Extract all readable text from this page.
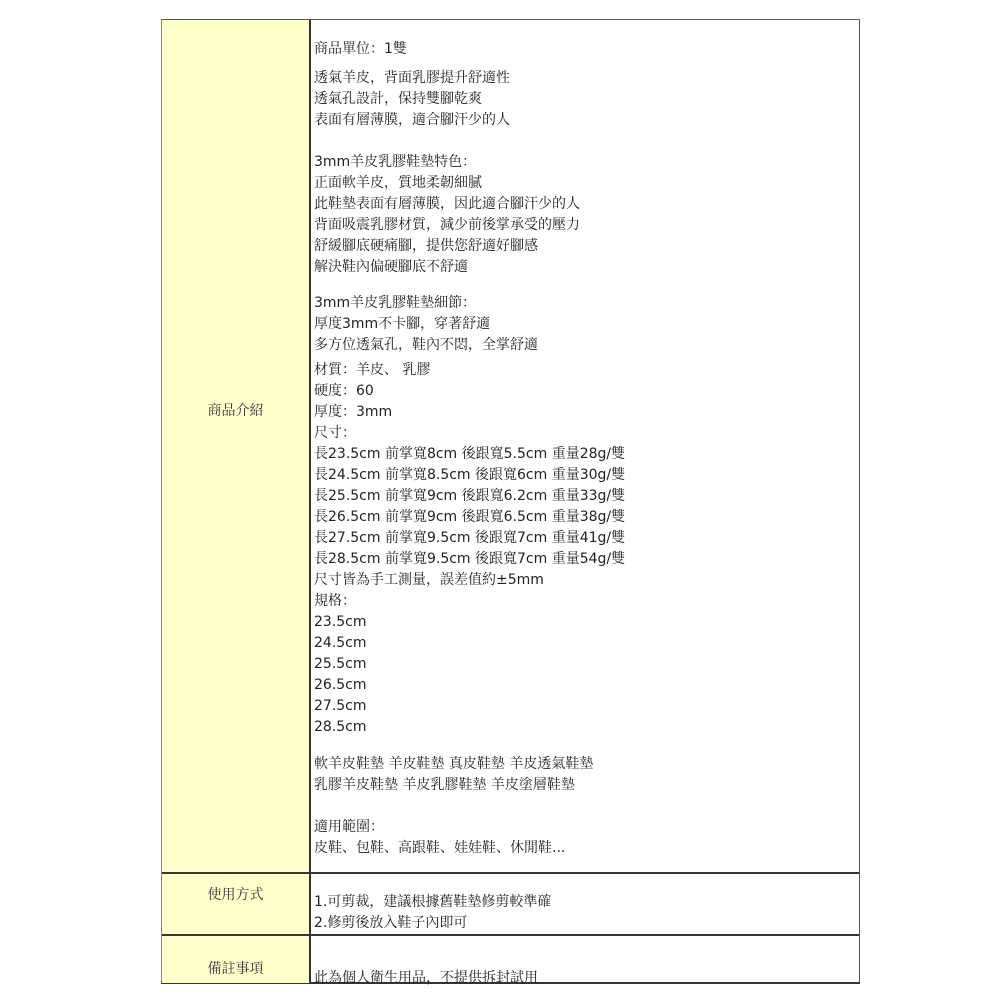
商品介紹
商品單位：1雙
透氣羊皮，背面乳膠提升舒適性
透氣孔設計，保持雙腳乾爽
表面有層薄膜，適合腳汗少的人
3mm羊皮乳膠鞋墊特色：
正面軟羊皮，質地柔韌細膩
此鞋墊表面有層薄膜，因此適合腳汗少的人
背面吸震乳膠材質，減少前後掌承受的壓力
舒緩腳底硬痛腳，提供您舒適好腳感
解決鞋內偏硬腳底不舒適
3mm羊皮乳膠鞋墊細節：
厚度3mm不卡腳，穿著舒適
多方位透氣孔，鞋內不悶，全掌舒適
材質：羊皮、 乳膠
硬度：60
厚度：3mm
尺寸：
長23.5cm 前掌寬8cm 後跟寬5.5cm 重量28g/雙
長24.5cm 前掌寬8.5cm 後跟寬6cm 重量30g/雙
長25.5cm 前掌寬9cm 後跟寬6.2cm 重量33g/雙
長26.5cm 前掌寬9cm 後跟寬6.5cm 重量38g/雙
長27.5cm 前掌寬9.5cm 後跟寬7cm 重量41g/雙
長28.5cm 前掌寬9.5cm 後跟寬7cm 重量54g/雙
尺寸皆為手工測量，誤差值約±5mm
規格：
23.5cm
24.5cm
25.5cm
26.5cm
27.5cm
28.5cm
軟羊皮鞋墊 羊皮鞋墊 真皮鞋墊 羊皮透氣鞋墊
乳膠羊皮鞋墊 羊皮乳膠鞋墊 羊皮塗層鞋墊
適用範圍：
皮鞋、包鞋、高跟鞋、娃娃鞋、休閒鞋...
使用方式	1.可剪裁，建議根據舊鞋墊修剪較準確
2.修剪後放入鞋子內即可
備註事項
此為個人衛生用品，不提供拆封試用
